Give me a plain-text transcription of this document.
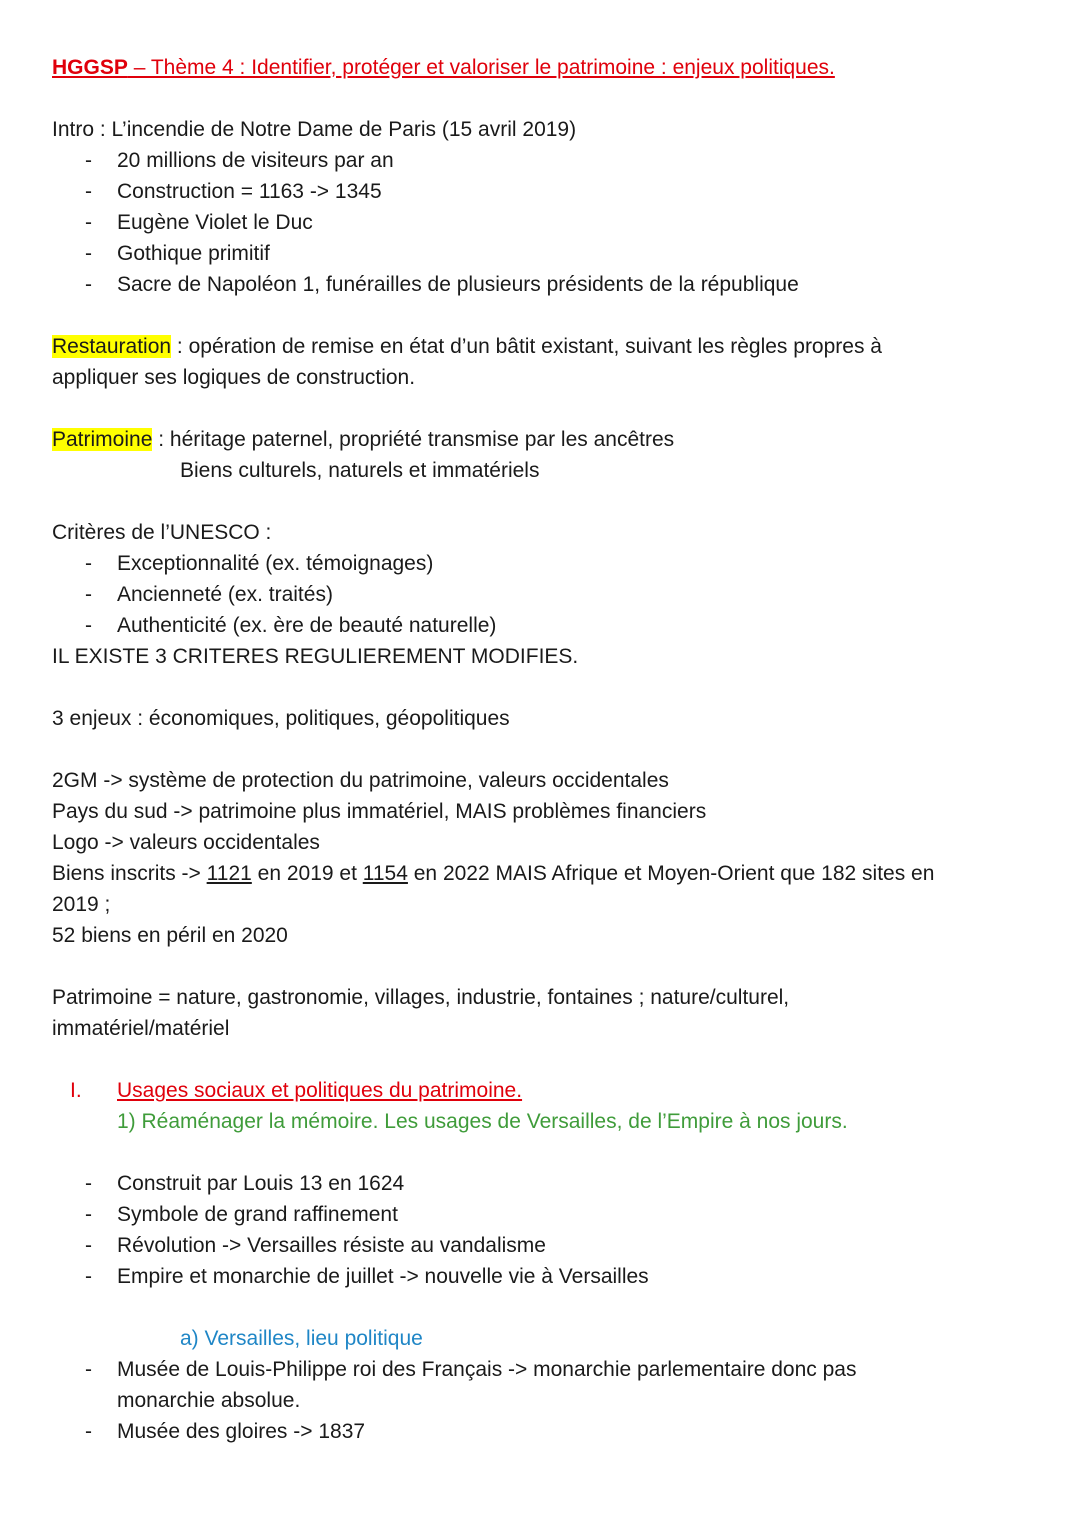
HGGSP – Thème 4 : Identifier, protéger et valoriser le patrimoine : enjeux politiques.
Intro : L’incendie de Notre Dame de Paris (15 avril 2019)
- 20 millions de visiteurs par an
- Construction = 1163 -> 1345
- Eugène Violet le Duc
- Gothique primitif
- Sacre de Napoléon 1, funérailles de plusieurs présidents de la république
Restauration : opération de remise en état d’un bâtit existant, suivant les règles propres à
appliquer ses logiques de construction.
Patrimoine : héritage paternel, propriété transmise par les ancêtres
Biens culturels, naturels et immatériels
Critères de l’UNESCO :
- Exceptionnalité (ex. témoignages)
- Ancienneté (ex. traités)
- Authenticité (ex. ère de beauté naturelle)
IL EXISTE 3 CRITERES REGULIEREMENT MODIFIES.
3 enjeux : économiques, politiques, géopolitiques
2GM -> système de protection du patrimoine, valeurs occidentales
Pays du sud -> patrimoine plus immatériel, MAIS problèmes financiers
Logo -> valeurs occidentales
Biens inscrits -> 1121 en 2019 et 1154 en 2022 MAIS Afrique et Moyen-Orient que 182 sites en
2019 ;
52 biens en péril en 2020
Patrimoine = nature, gastronomie, villages, industrie, fontaines ; nature/culturel,
immatériel/matériel
I. Usages sociaux et politiques du patrimoine.
1) Réaménager la mémoire. Les usages de Versailles, de l’Empire à nos jours.
- Construit par Louis 13 en 1624
- Symbole de grand raffinement
- Révolution -> Versailles résiste au vandalisme
- Empire et monarchie de juillet -> nouvelle vie à Versailles
a) Versailles, lieu politique
- Musée de Louis-Philippe roi des Français -> monarchie parlementaire donc pas
monarchie absolue.
- Musée des gloires -> 1837
